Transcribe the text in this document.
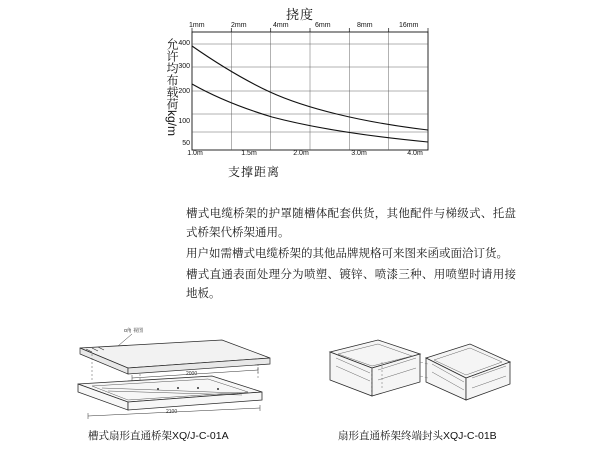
挠度
允许均布载荷kg/m
支撑距离
1mm	2mm	4mm	6mm	8mm	16mm
400
300
200
100
50
1.0m	1.5m	2.0m	3.0m	4.0m

槽式电缆桥架的护罩随槽体配套供货，其他配件与梯级式、托盘式桥架代桥架通用。

用户如需槽式电缆桥架的其他品牌规格可来图来函或面洽订货。

槽式直通表面处理分为喷塑、镀锌、喷漆三种、用喷塑时请用接地板。

2000
2100
ɑ角 视图
槽式扇形直通桥架XQ/J-C-01A	扇形直通桥架终端封头XQJ-C-01B
